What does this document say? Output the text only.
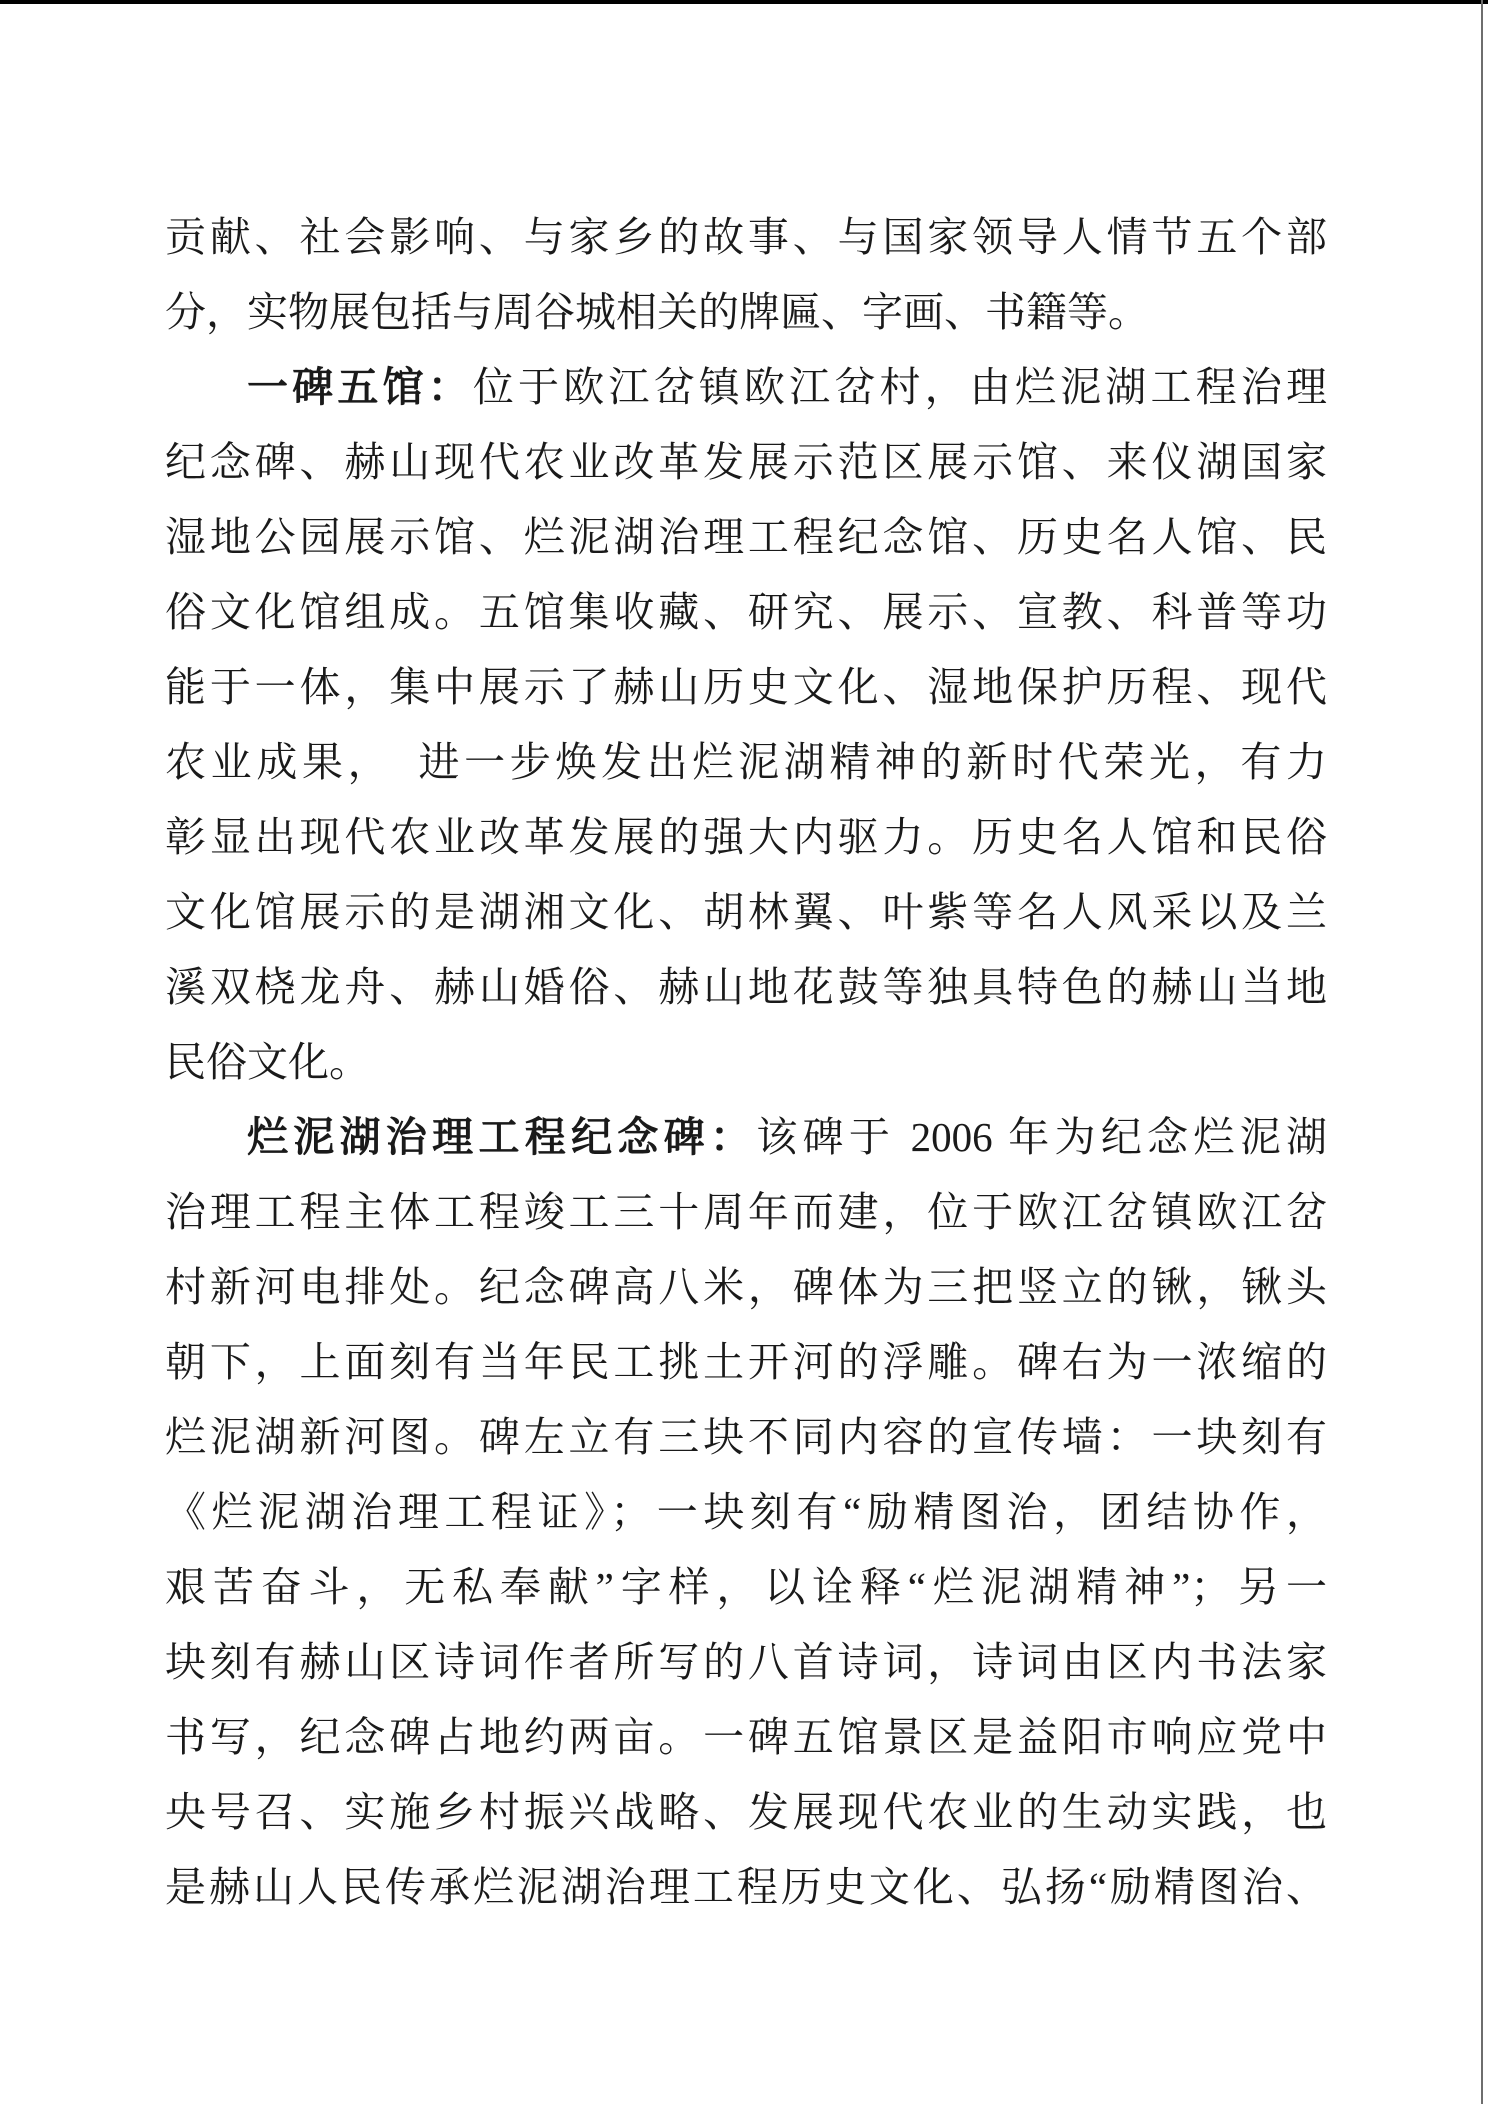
贡献、社会影响、与家乡的故事、与国家领导人情节五个部
分，实物展包括与周谷城相关的牌匾、字画、书籍等。
一碑五馆：位于欧江岔镇欧江岔村，由烂泥湖工程治理
纪念碑、赫山现代农业改革发展示范区展示馆、来仪湖国家
湿地公园展示馆、烂泥湖治理工程纪念馆、历史名人馆、民
俗文化馆组成。五馆集收藏、研究、展示、宣教、科普等功
能于一体，集中展示了赫山历史文化、湿地保护历程、现代
农业成果，　进一步焕发出烂泥湖精神的新时代荣光，有力
彰显出现代农业改革发展的强大内驱力。历史名人馆和民俗
文化馆展示的是湖湘文化、胡林翼、叶紫等名人风采以及兰
溪双桡龙舟、赫山婚俗、赫山地花鼓等独具特色的赫山当地
民俗文化。
烂泥湖治理工程纪念碑：该碑于 2006 年为纪念烂泥湖
治理工程主体工程竣工三十周年而建，位于欧江岔镇欧江岔
村新河电排处。纪念碑高八米，碑体为三把竖立的锹，锹头
朝下，上面刻有当年民工挑土开河的浮雕。碑右为一浓缩的
烂泥湖新河图。碑左立有三块不同内容的宣传墙：一块刻有
《烂泥湖治理工程证》；一块刻有“励精图治，团结协作，
艰苦奋斗，无私奉献”字样，以诠释“烂泥湖精神”；另一
块刻有赫山区诗词作者所写的八首诗词，诗词由区内书法家
书写，纪念碑占地约两亩。一碑五馆景区是益阳市响应党中
央号召、实施乡村振兴战略、发展现代农业的生动实践，也
是赫山人民传承烂泥湖治理工程历史文化、弘扬“励精图治、
